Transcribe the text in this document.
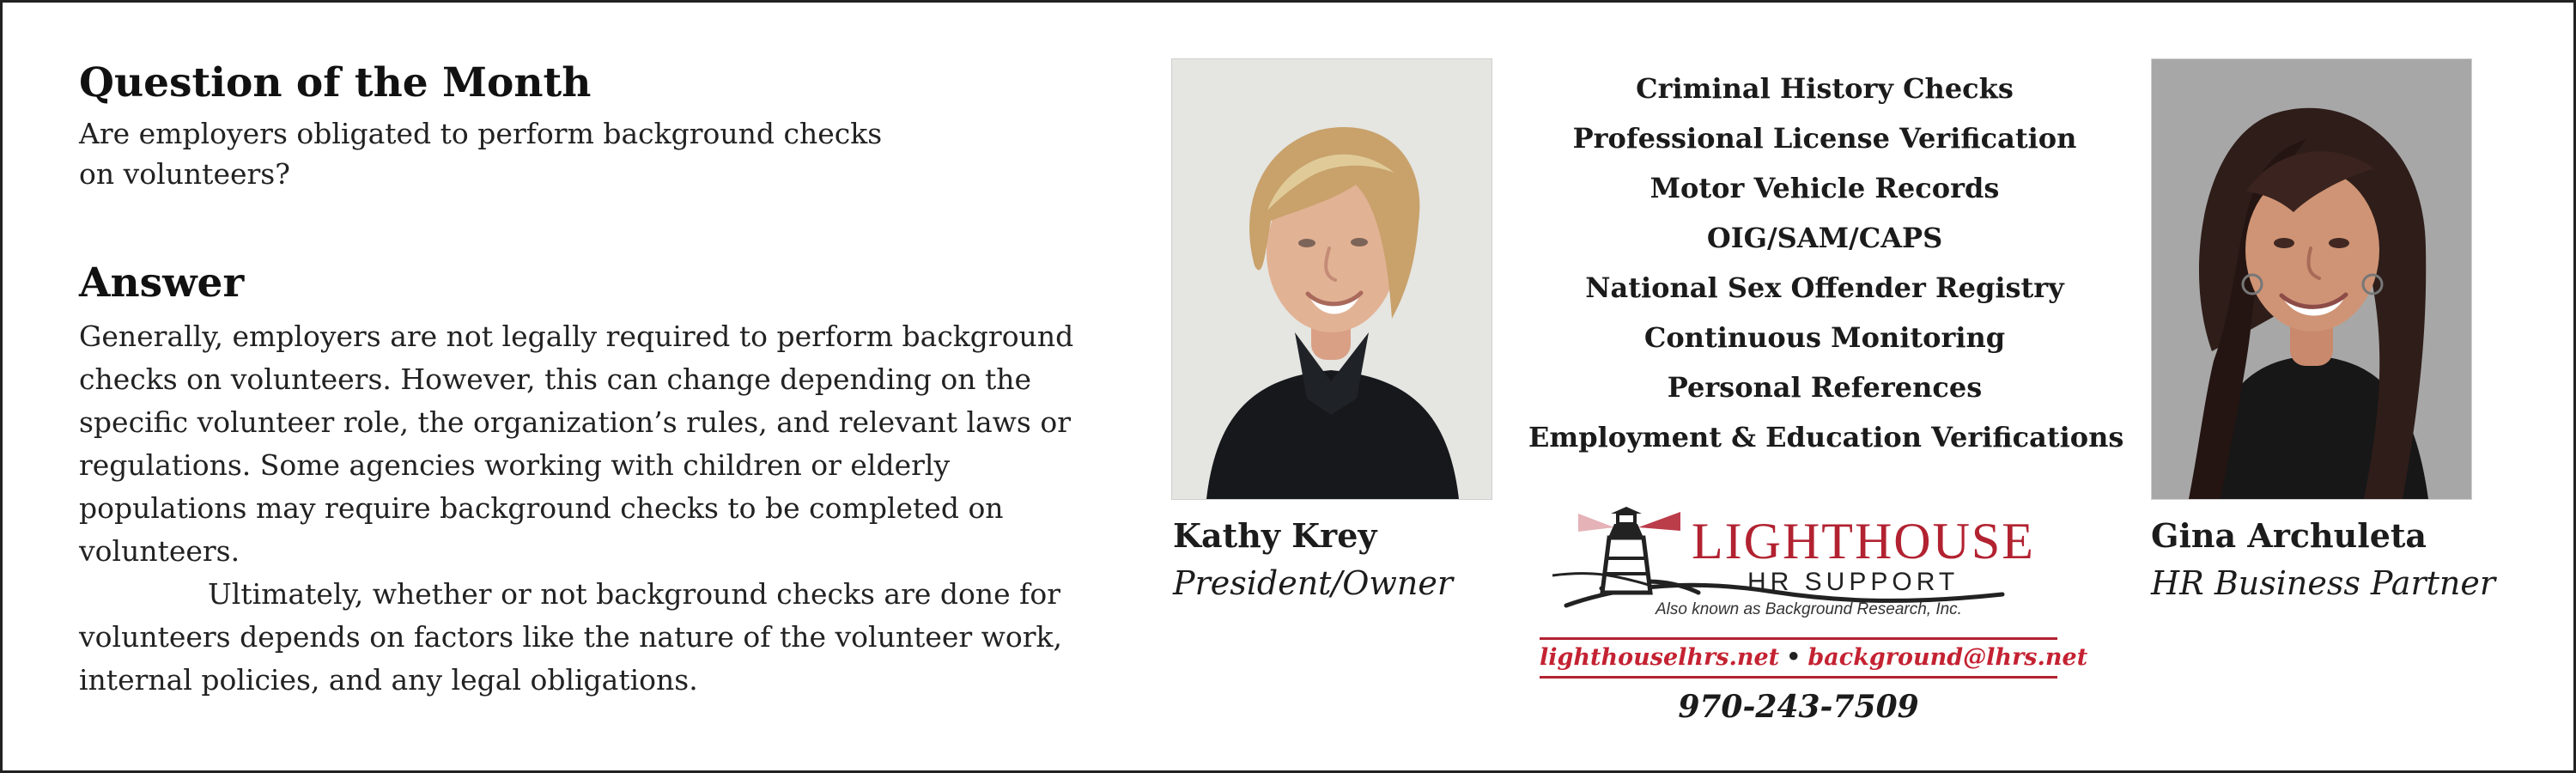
Question of the Month

Are employers obligated to perform background checks on volunteers?

Answer

Generally, employers are not legally required to perform background checks on volunteers. However, this can change depending on the specific volunteer role, the organization’s rules, and relevant laws or regulations. Some agencies working with children or elderly populations may require background checks to be completed on volunteers.

Ultimately, whether or not background checks are done for volunteers depends on factors like the nature of the volunteer work, internal policies, and any legal obligations.

Kathy Krey
President/Owner
Criminal History Checks
Professional License Verification
Motor Vehicle Records
OIG/SAM/CAPS
National Sex Offender Registry
Continuous Monitoring
Personal References
Employment & Education Verifications
LIGHTHOUSE
HR SUPPORT
Also known as Background Research, Inc.
lighthouselhrs.net • background@lhrs.net
970-243-7509
Gina Archuleta
HR Business Partner
